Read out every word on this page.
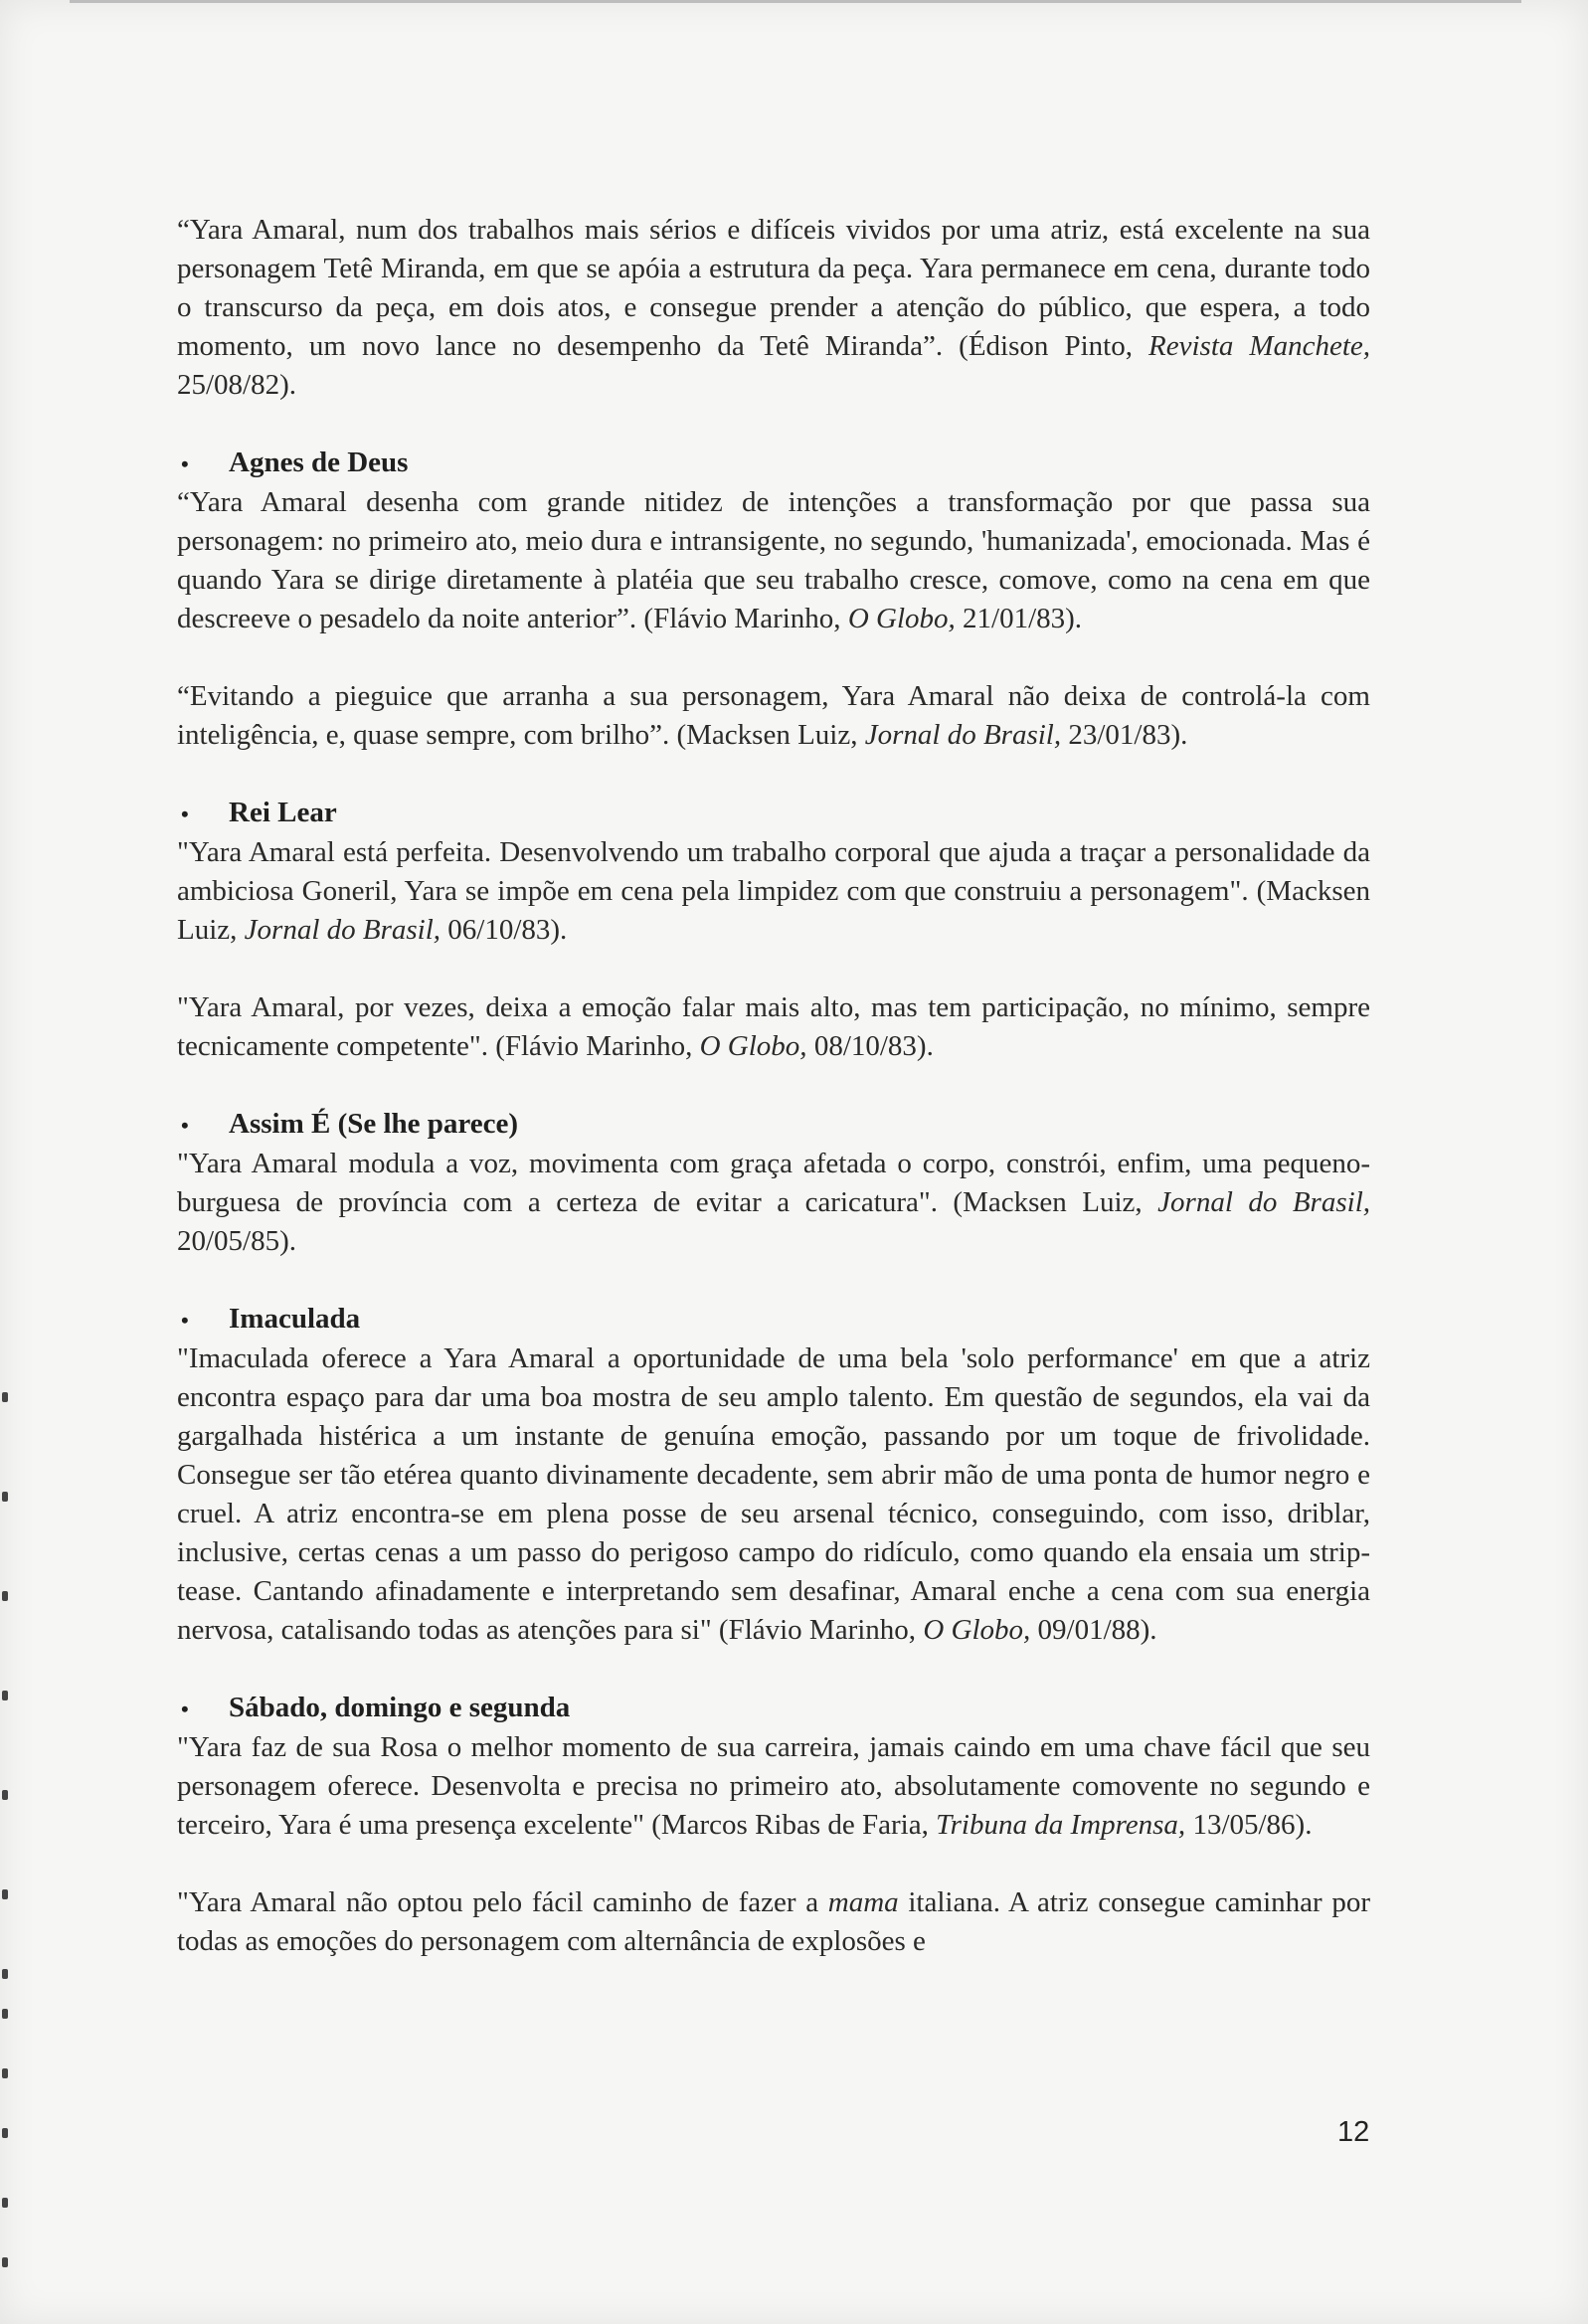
“Yara Amaral, num dos trabalhos mais sérios e difíceis vividos por uma atriz, está excelente na sua personagem Tetê Miranda, em que se apóia a estrutura da peça. Yara permanece em cena, durante todo o transcurso da peça, em dois atos, e consegue prender a atenção do público, que espera, a todo momento, um novo lance no desempenho da Tetê Miranda”. (Édison Pinto, Revista Manchete, 25/08/82).

•	Agnes de Deus

“Yara Amaral desenha com grande nitidez de intenções a transformação por que passa sua personagem: no primeiro ato, meio dura e intransigente, no segundo, 'humanizada', emocionada. Mas é quando Yara se dirige diretamente à platéia que seu trabalho cresce, comove, como na cena em que descreeve o pesadelo da noite anterior”. (Flávio Marinho, O Globo, 21/01/83).

“Evitando a pieguice que arranha a sua personagem, Yara Amaral não deixa de controlá-la com inteligência, e, quase sempre, com brilho”. (Macksen Luiz, Jornal do Brasil, 23/01/83).

•	Rei Lear

"Yara Amaral está perfeita. Desenvolvendo um trabalho corporal que ajuda a traçar a personalidade da ambiciosa Goneril, Yara se impõe em cena pela limpidez com que construiu a personagem". (Macksen Luiz, Jornal do Brasil, 06/10/83).

"Yara Amaral, por vezes, deixa a emoção falar mais alto, mas tem participação, no mínimo, sempre tecnicamente competente". (Flávio Marinho, O Globo, 08/10/83).

•	Assim É (Se lhe parece)

"Yara Amaral modula a voz, movimenta com graça afetada o corpo, constrói, enfim, uma pequeno-burguesa de província com a certeza de evitar a caricatura". (Macksen Luiz, Jornal do Brasil, 20/05/85).

•	Imaculada

"Imaculada oferece a Yara Amaral a oportunidade de uma bela 'solo performance' em que a atriz encontra espaço para dar uma boa mostra de seu amplo talento. Em questão de segundos, ela vai da gargalhada histérica a um instante de genuína emoção, passando por um toque de frivolidade. Consegue ser tão etérea quanto divinamente decadente, sem abrir mão de uma ponta de humor negro e cruel. A atriz encontra-se em plena posse de seu arsenal técnico, conseguindo, com isso, driblar, inclusive, certas cenas a um passo do perigoso campo do ridículo, como quando ela ensaia um strip-tease. Cantando afinadamente e interpretando sem desafinar, Amaral enche a cena com sua energia nervosa, catalisando todas as atenções para si" (Flávio Marinho, O Globo, 09/01/88).

•	Sábado, domingo e segunda

"Yara faz de sua Rosa o melhor momento de sua carreira, jamais caindo em uma chave fácil que seu personagem oferece. Desenvolta e precisa no primeiro ato, absolutamente comovente no segundo e terceiro, Yara é uma presença excelente" (Marcos Ribas de Faria, Tribuna da Imprensa, 13/05/86).

"Yara Amaral não optou pelo fácil caminho de fazer a mama italiana. A atriz consegue caminhar por todas as emoções do personagem com alternância de explosões e

12
